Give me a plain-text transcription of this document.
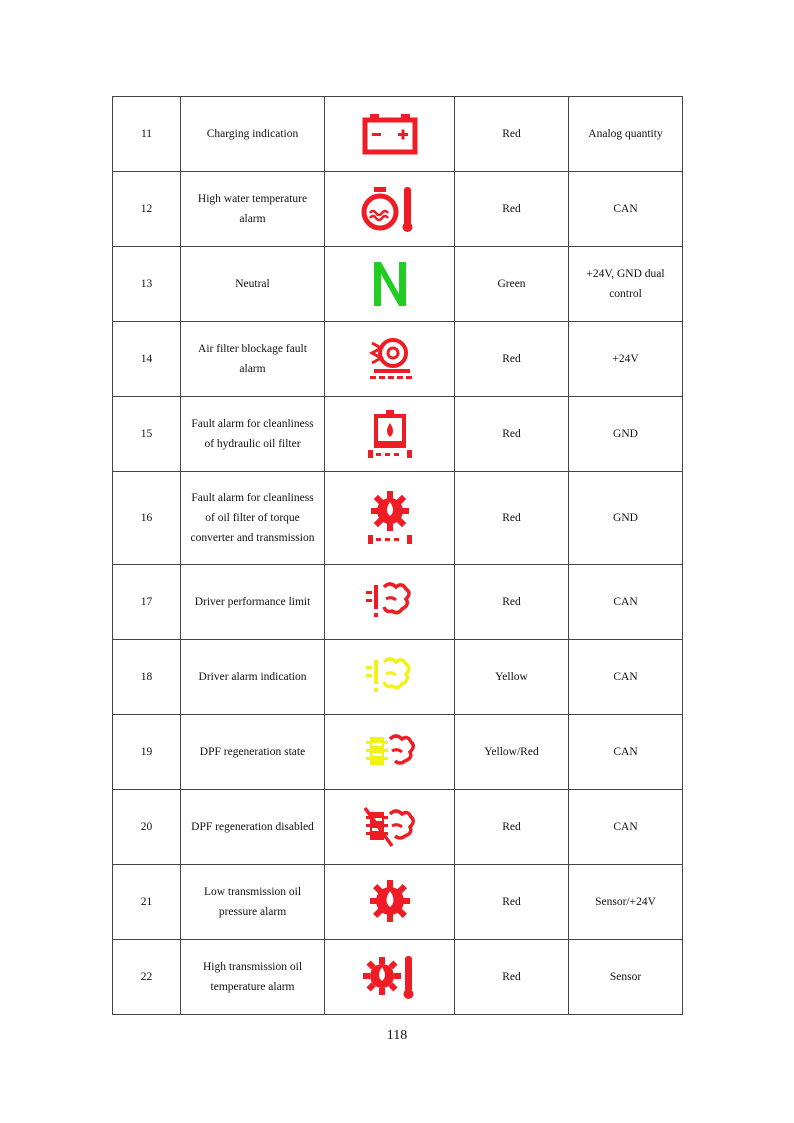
11	Charging indication		Red	Analog quantity
12	High water temperature alarm		Red	CAN
13	Neutral		Green	+24V, GND dual control
14	Air filter blockage fault alarm		Red	+24V
15	Fault alarm for cleanliness of hydraulic oil filter		Red	GND
16	Fault alarm for cleanliness of oil filter of torque converter and transmission		Red	GND
17	Driver performance limit		Red	CAN
18	Driver alarm indication		Yellow	CAN
19	DPF regeneration state		Yellow/Red	CAN
20	DPF regeneration disabled		Red	CAN
21	Low transmission oil pressure alarm		Red	Sensor/+24V
22	High transmission oil temperature alarm		Red	Sensor
118
